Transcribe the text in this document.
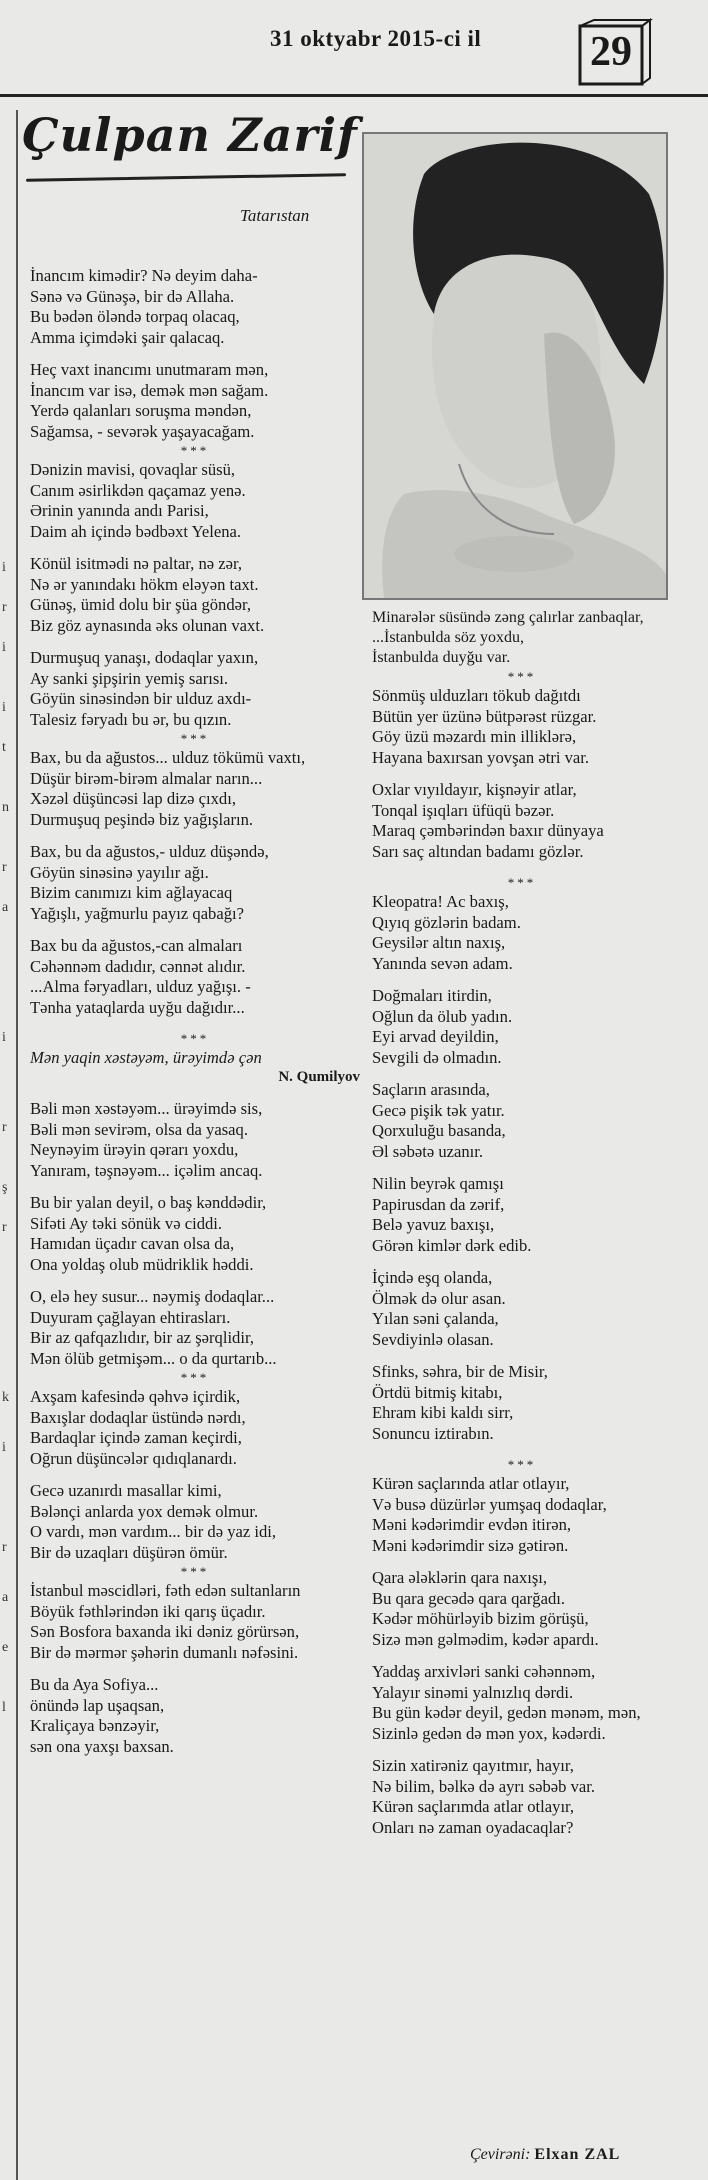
31 oktyabr 2015-ci il	29
i
r
i
i
t
n
r
a
i
r
ş
r
k
i
r
a
e
l
Çulpan Zarif
Tatarıstan
İnancım kimədir? Nə deyim daha-
Sənə və Günəşə, bir də Allaha.
Bu bədən öləndə torpaq olacaq,
Amma içimdəki şair qalacaq.
Heç vaxt inancımı unutmaram mən,
İnancım var isə, demək mən sağam.
Yerdə qalanları soruşma məndən,
Sağamsa, - sevərək yaşayacağam.
***
Dənizin mavisi, qovaqlar süsü,
Canım əsirlikdən qaçamaz yenə.
Ərinin yanında andı Parisi,
Daim ah içində bədbəxt Yelena.
Könül isitmədi nə paltar, nə zər,
Nə ər yanındakı hökm eləyən taxt.
Günəş, ümid dolu bir şüa göndər,
Biz göz aynasında əks olunan vaxt.
Durmuşuq yanaşı, dodaqlar yaxın,
Ay sanki şipşirin yemiş sarısı.
Göyün sinəsindən bir ulduz axdı-
Talesiz fəryadı bu ər, bu qızın.
***
Bax, bu da ağustos... ulduz tökümü vaxtı,
Düşür birəm-birəm almalar narın...
Xəzəl düşüncəsi lap dizə çıxdı,
Durmuşuq peşində biz yağışların.
Bax, bu da ağustos,- ulduz düşəndə,
Göyün sinəsinə yayılır ağı.
Bizim canımızı kim ağlayacaq
Yağışlı, yağmurlu payız qabağı?
Bax bu da ağustos,-can almaları
Cəhənnəm dadıdır, cənnət alıdır.
...Alma fəryadları, ulduz yağışı. -
Tənha yataqlarda uyğu dağıdır...
***
Mən yaqin xəstəyəm, ürəyimdə çən
N. Qumilyov
Bəli mən xəstəyəm... ürəyimdə sis,
Bəli mən sevirəm, olsa da yasaq.
Neynəyim ürəyin qərarı yoxdu,
Yanıram, təşnəyəm... içəlim ancaq.
Bu bir yalan deyil, o baş kənddədir,
Sifəti Ay təki sönük və ciddi.
Hamıdan üçadır cavan olsa da,
Ona yoldaş olub müdriklik həddi.
O, elə hey susur... nəymiş dodaqlar...
Duyuram çağlayan ehtirasları.
Bir az qafqazlıdır, bir az şərqlidir,
Mən ölüb getmişəm... o da qurtarıb...
***
Axşam kafesində qəhvə içirdik,
Baxışlar dodaqlar üstündə nərdı,
Bardaqlar içində zaman keçirdi,
Oğrun düşüncələr qıdıqlanardı.
Gecə uzanırdı masallar kimi,
Bələnçi anlarda yox demək olmur.
O vardı, mən vardım... bir də yaz idi,
Bir də uzaqları düşürən ömür.
***
İstanbul məscidləri, fəth edən sultanların
Böyük fəthlərindən iki qarış üçadır.
Sən Bosfora baxanda iki dəniz görürsən,
Bir də mərmər şəhərin dumanlı nəfəsini.
Bu da Aya Sofiya...
önündə lap uşaqsan,
Kraliçaya bənzəyir,
sən ona yaxşı baxsan.
Minarələr süsündə zəng çalırlar zanbaqlar,
...İstanbulda söz yoxdu,
İstanbulda duyğu var.
***
Sönmüş ulduzları tökub dağıtdı
Bütün yer üzünə bütpərəst rüzgar.
Göy üzü məzardı min illiklərə,
Hayana baxırsan yovşan ətri var.
Oxlar vıyıldayır, kişnəyir atlar,
Tonqal işıqları üfüqü bəzər.
Maraq çəmbərindən baxır dünyaya
Sarı saç altından badamı gözlər.
***
Kleopatra! Ac baxış,
Qıyıq gözlərin badam.
Geysilər altın naxış,
Yanında sevən adam.
Doğmaları itirdin,
Oğlun da ölub yadın.
Eyi arvad deyildin,
Sevgili də olmadın.
Saçların arasında,
Gecə pişik tək yatır.
Qorxuluğu basanda,
Əl səbətə uzanır.
Nilin beyrək qamışı
Papirusdan da zərif,
Belə yavuz baxışı,
Görən kimlər dərk edib.
İçində eşq olanda,
Ölmək də olur asan.
Yılan səni çalanda,
Sevdiyinlə olasan.
Sfinks, səhra, bir de Misir,
Örtdü bitmiş kitabı,
Ehram kibi kaldı sirr,
Sonuncu iztirabın.
***
Kürən saçlarında atlar otlayır,
Və busə düzürlər yumşaq dodaqlar,
Məni kədərimdir evdən itirən,
Məni kədərimdir sizə gətirən.
Qara ələklərin qara naxışı,
Bu qara gecədə qara qarğadı.
Kədər möhürləyib bizim görüşü,
Sizə mən gəlmədim, kədər apardı.
Yaddaş arxivləri sanki cəhənnəm,
Yalayır sinəmi yalnızlıq dərdi.
Bu gün kədər deyil, gedən mənəm, mən,
Sizinlə gedən də mən yox, kədərdi.
Sizin xatirəniz qayıtmır, hayır,
Nə bilim, bəlkə də ayrı səbəb var.
Kürən saçlarımda atlar otlayır,
Onları nə zaman oyadacaqlar?
Çevirəni: Elxan ZAL
